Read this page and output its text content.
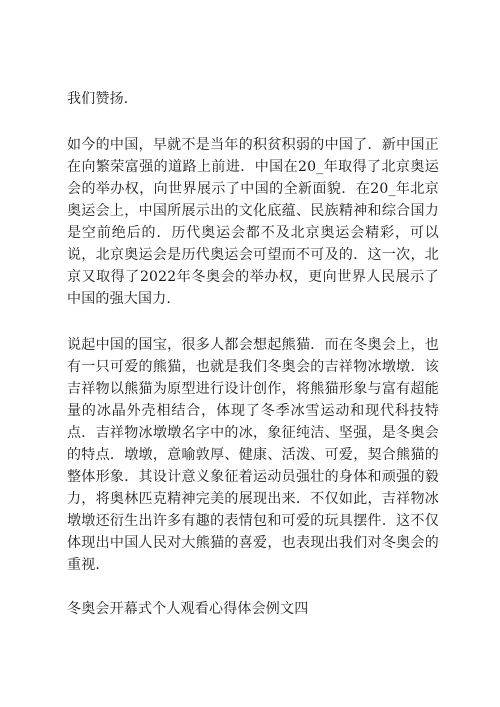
我们赞扬.

如今的中国，早就不是当年的积贫积弱的中国了．新中国正在向繁荣富强的道路上前进．中国在20_年取得了北京奥运会的举办权，向世界展示了中国的全新面貌．在20_年北京奥运会上，中国所展示出的文化底蕴、民族精神和综合国力是空前绝后的．历代奥运会都不及北京奥运会精彩，可以说，北京奥运会是历代奥运会可望而不可及的．这一次，北京又取得了2022年冬奥会的举办权，更向世界人民展示了中国的强大国力.

说起中国的国宝，很多人都会想起熊猫．而在冬奥会上，也有一只可爱的熊猫，也就是我们冬奥会的吉祥物冰墩墩．该吉祥物以熊猫为原型进行设计创作，将熊猫形象与富有超能量的冰晶外壳相结合，体现了冬季冰雪运动和现代科技特点．吉祥物冰墩墩名字中的冰，象征纯洁、坚强，是冬奥会的特点．墩墩，意喻敦厚、健康、活泼、可爱，契合熊猫的整体形象．其设计意义象征着运动员强壮的身体和顽强的毅力，将奥林匹克精神完美的展现出来．不仅如此，吉祥物冰墩墩还衍生出许多有趣的表情包和可爱的玩具摆件．这不仅体现出中国人民对大熊猫的喜爱，也表现出我们对冬奥会的重视.

冬奥会开幕式个人观看心得体会例文四
